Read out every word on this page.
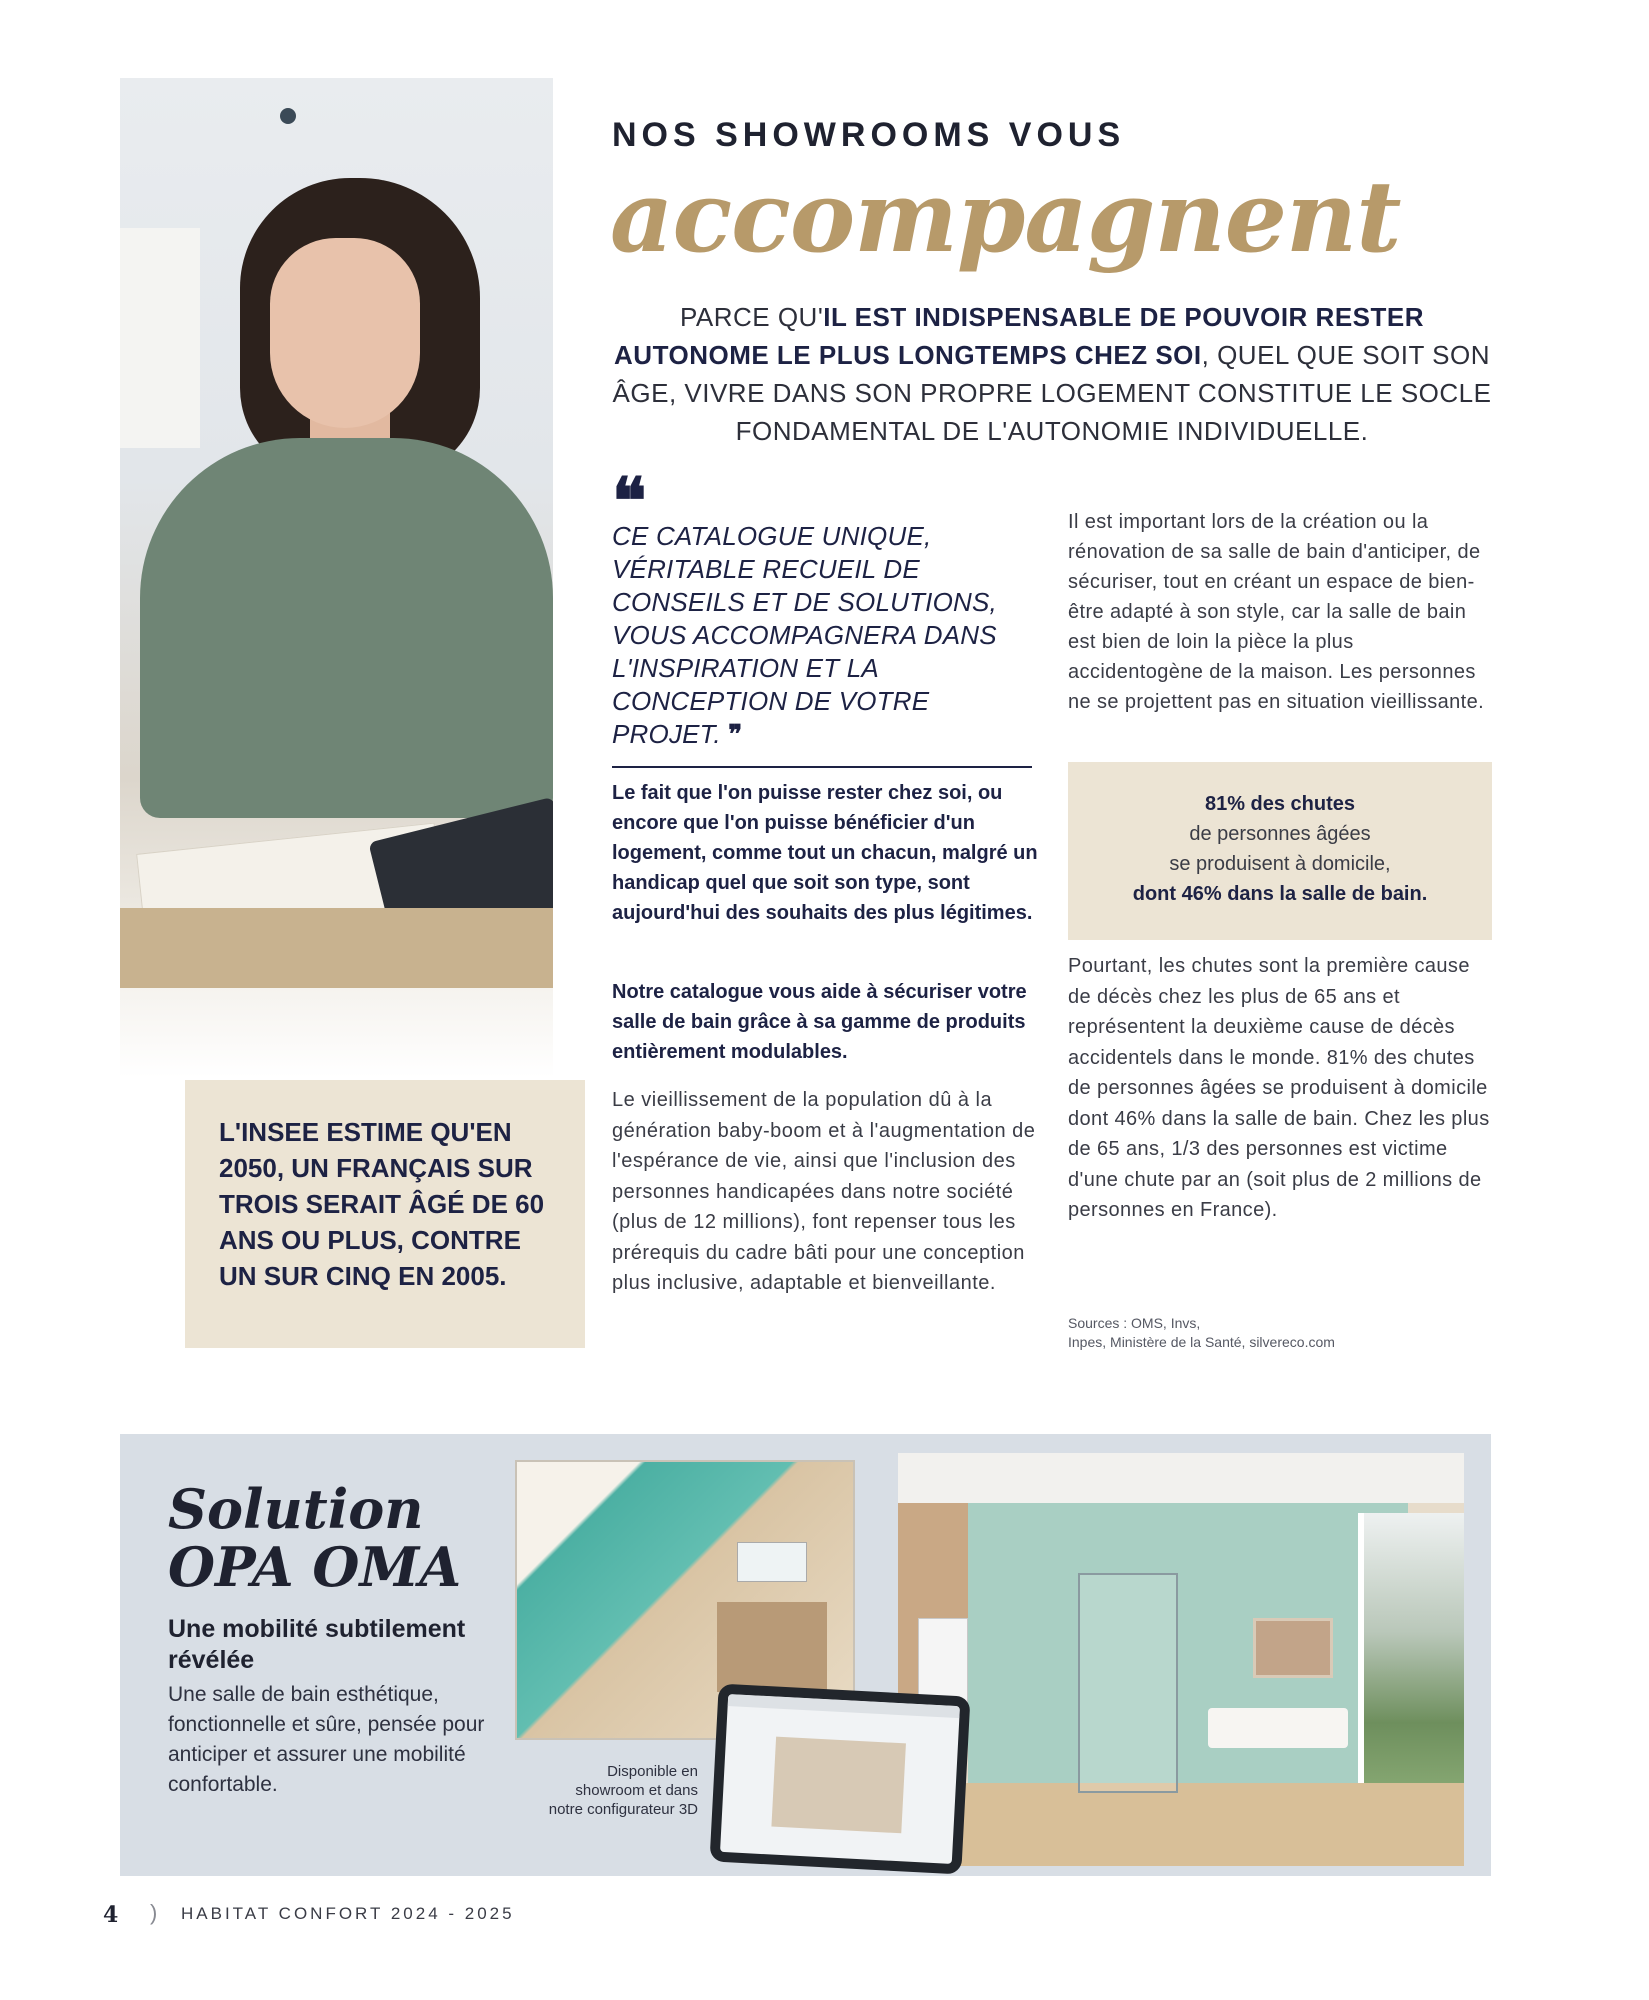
L'INSEE ESTIME QU'EN 2050, UN FRANÇAIS SUR TROIS SERAIT ÂGÉ DE 60 ANS OU PLUS, CONTRE UN SUR CINQ EN 2005.
NOS SHOWROOMS VOUS
accompagnent
PARCE QU'IL EST INDISPENSABLE DE POUVOIR RESTER AUTONOME LE PLUS LONGTEMPS CHEZ SOI, QUEL QUE SOIT SON ÂGE, VIVRE DANS SON PROPRE LOGEMENT CONSTITUE LE SOCLE FONDAMENTAL DE L'AUTONOMIE INDIVIDUELLE.
❝
CE CATALOGUE UNIQUE, VÉRITABLE RECUEIL DE CONSEILS ET DE SOLUTIONS, VOUS ACCOMPAGNERA DANS L'INSPIRATION ET LA CONCEPTION DE VOTRE PROJET. ❞
Le fait que l'on puisse rester chez soi, ou encore que l'on puisse bénéficier d'un logement, comme tout un chacun, malgré un handicap quel que soit son type, sont aujourd'hui des souhaits des plus légitimes.
Notre catalogue vous aide à sécuriser votre salle de bain grâce à sa gamme de produits entièrement modulables.
Le vieillissement de la population dû à la génération baby-boom et à l'augmentation de l'espérance de vie, ainsi que l'inclusion des personnes handicapées dans notre société (plus de 12 millions), font repenser tous les prérequis du cadre bâti pour une conception plus inclusive, adaptable et bienveillante.
Il est important lors de la création ou la rénovation de sa salle de bain d'anticiper, de sécuriser, tout en créant un espace de bien-être adapté à son style, car la salle de bain est bien de loin la pièce la plus accidentogène de la maison. Les personnes ne se projettent pas en situation vieillissante.
81% des chutes
de personnes âgées
se produisent à domicile,
dont 46% dans la salle de bain.
Pourtant, les chutes sont la première cause de décès chez les plus de 65 ans et représentent la deuxième cause de décès accidentels dans le monde. 81% des chutes de personnes âgées se produisent à domicile dont 46% dans la salle de bain. Chez les plus de 65 ans, 1/3 des personnes est victime d'une chute par an (soit plus de 2 millions de personnes en France).
Sources : OMS, Invs,
Inpes, Ministère de la Santé, silvereco.com
Solution
OPA OMA
Une mobilité subtilement révélée
Une salle de bain esthétique, fonctionnelle et sûre, pensée pour anticiper et assurer une mobilité confortable.
Disponible en showroom et dans notre configurateur 3D
4 ) HABITAT CONFORT 2024 - 2025
